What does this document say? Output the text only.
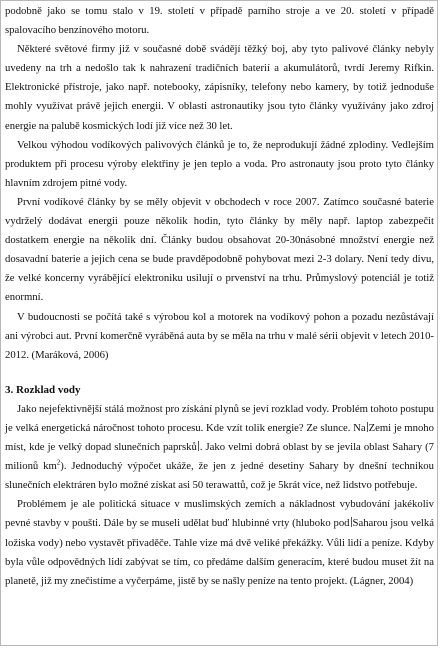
podobně jako se tomu stalo v 19. století v případě parního stroje a ve 20. století v případě spalovacího benzínového motoru.

Některé světové firmy již v současné době svádějí těžký boj, aby tyto palivové články nebyly uvedeny na trh a nedošlo tak k nahrazení tradičních baterií a akumulátorů, tvrdí Jeremy Rifkin. Elektronické přístroje, jako např. notebooky, zápisníky, telefony nebo kamery, by totiž jednoduše mohly využívat právě jejich energii. V oblasti astronautiky jsou tyto články využívány jako zdroj energie na palubě kosmických lodí již více než 30 let.

Velkou výhodou vodíkových palivových článků je to, že neprodukují žádné zplodiny. Vedlejším produktem při procesu výroby elektřiny je jen teplo a voda. Pro astronauty jsou proto tyto články hlavním zdrojem pitné vody.

První vodíkové články by se měly objevit v obchodech v roce 2007. Zatímco současné baterie vydrželý dodávat energii pouze několik hodin, tyto články by měly např. laptop zabezpečit dostatkem energie na několik dní. Články budou obsahovat 20-30násobné množství energie než dosavadní baterie a jejich cena se bude pravděpodobně pohybovat mezi 2-3 dolary. Není tedy divu, že velké koncerny vyrábějící elektroniku usilují o prvenství na trhu. Průmyslový potenciál je totiž enormní.

V budoucnosti se počítá také s výrobou kol a motorek na vodíkový pohon a pozadu nezůstávají ani výrobci aut. První komerčně vyráběná auta by se měla na trhu v malé sérii objevit v letech 2010-2012. (Maráková, 2006)

3. Rozklad vody

Jako nejefektivnější stálá možnost pro získání plynů se jeví rozklad vody. Problém tohoto postupu je velká energetická náročnost tohoto procesu. Kde vzít tolik energie? Ze slunce. Na Zemi je mnoho míst, kde je velký dopad slunečních paprsků . Jako velmi dobrá oblast by se jevila oblast Sahary (7 milionů $km^2$). Jednoduchý výpočet ukáže, že jen z jedné desetiny Sahary by dnešní technikou slunečních elektráren bylo možné získat asi 50 terawattů, což je 5krát více, než lidstvo potřebuje.

Problémem je ale politická situace v muslimských zemích a nákladnost vybudování jakékoliv pevné stavby v poušti. Dále by se museli udělat buď hlubinné vrty (hluboko pod Saharou jsou velká ložiska vody) nebo vystavět přivaděče. Tahle vize má dvě veliké překážky. Vůli lidí a peníze. Kdyby byla vůle odpovědných lidí zabývat se tím, co předáme dalším generacím, které budou muset žít na planetě, již my znečistíme a vyčerpáme, jistě by se našly peníze na tento projekt. (Lágner, 2004)
